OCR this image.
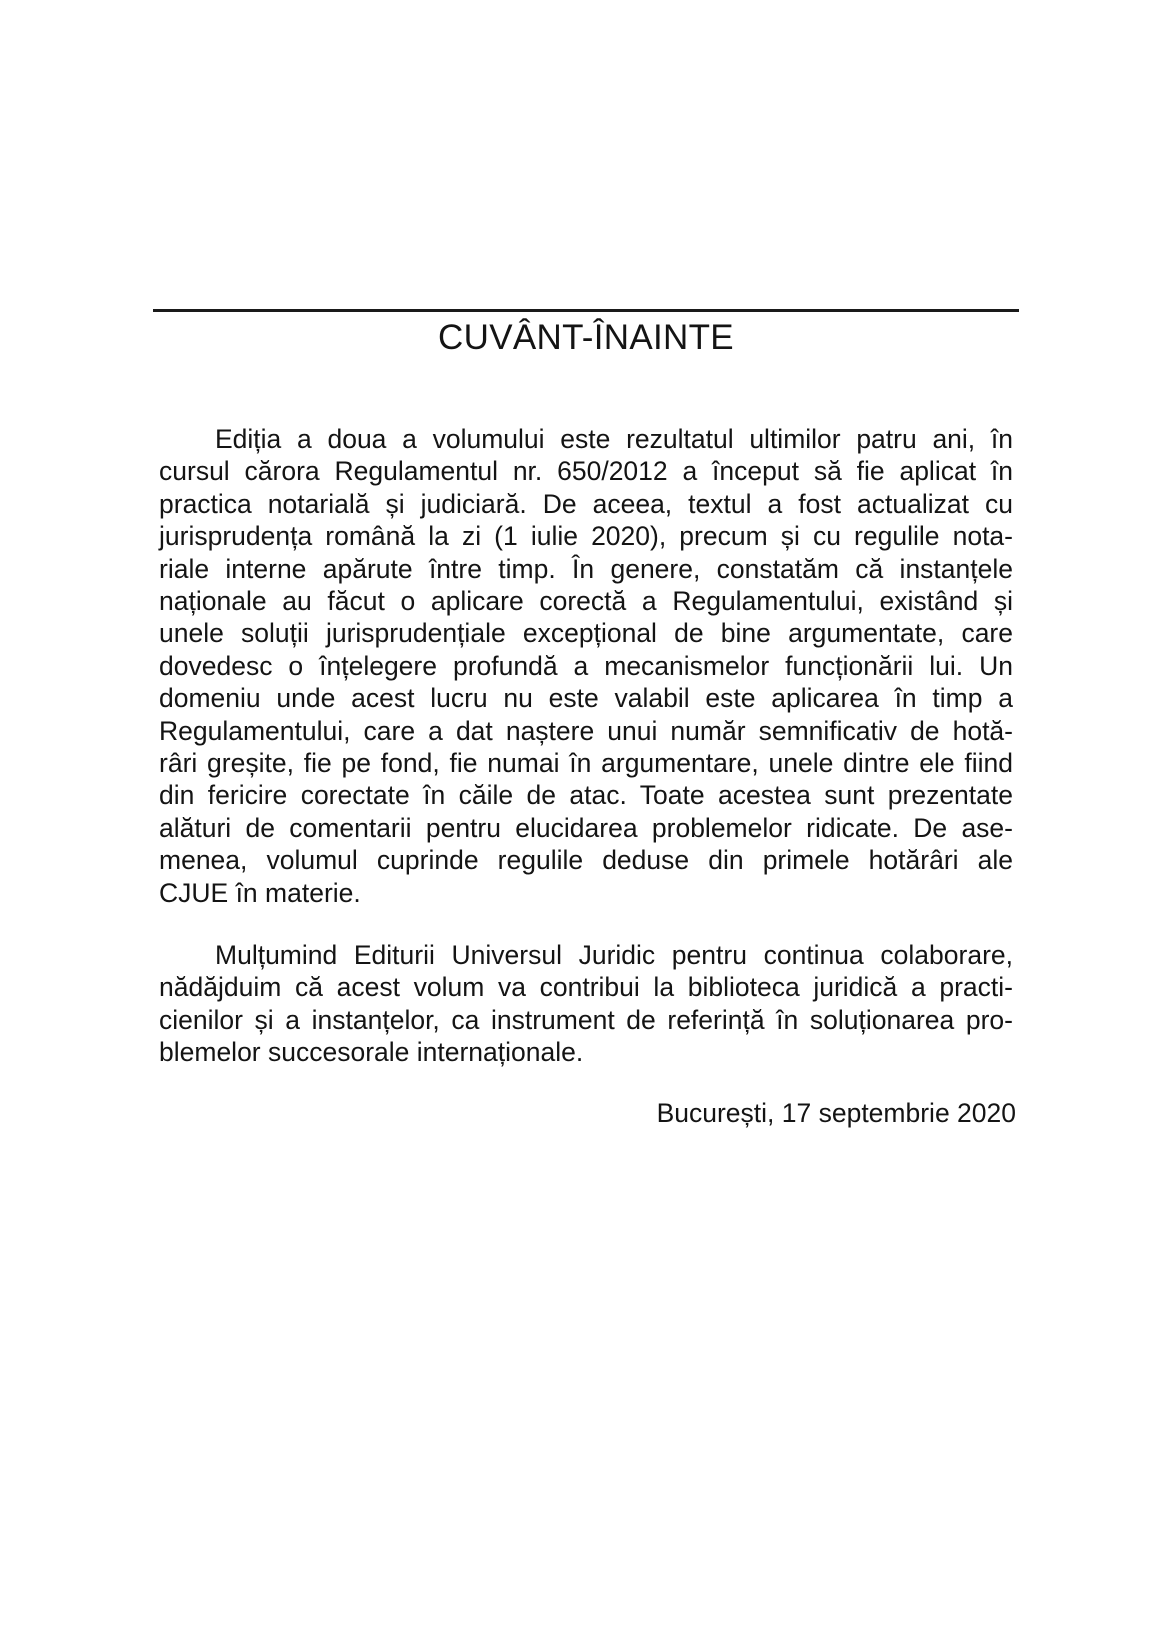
CUVÂNT-ÎNAINTE
Ediția a doua a volumului este rezultatul ultimilor patru ani, în
cursul cărora Regulamentul nr. 650/2012 a început să fie aplicat în
practica notarială și judiciară. De aceea, textul a fost actualizat cu
jurisprudența română la zi (1 iulie 2020), precum și cu regulile nota-
riale interne apărute între timp. În genere, constatăm că instanțele
naționale au făcut o aplicare corectă a Regulamentului, existând și
unele soluții jurisprudențiale excepțional de bine argumentate, care
dovedesc o înțelegere profundă a mecanismelor funcționării lui. Un
domeniu unde acest lucru nu este valabil este aplicarea în timp a
Regulamentului, care a dat naștere unui număr semnificativ de hotă-
râri greșite, fie pe fond, fie numai în argumentare, unele dintre ele fiind
din fericire corectate în căile de atac. Toate acestea sunt prezentate
alături de comentarii pentru elucidarea problemelor ridicate. De ase-
menea, volumul cuprinde regulile deduse din primele hotărâri ale
CJUE în materie.
Mulțumind Editurii Universul Juridic pentru continua colaborare,
nădăjduim că acest volum va contribui la biblioteca juridică a practi-
cienilor și a instanțelor, ca instrument de referință în soluționarea pro-
blemelor succesorale internaționale.
București, 17 septembrie 2020
